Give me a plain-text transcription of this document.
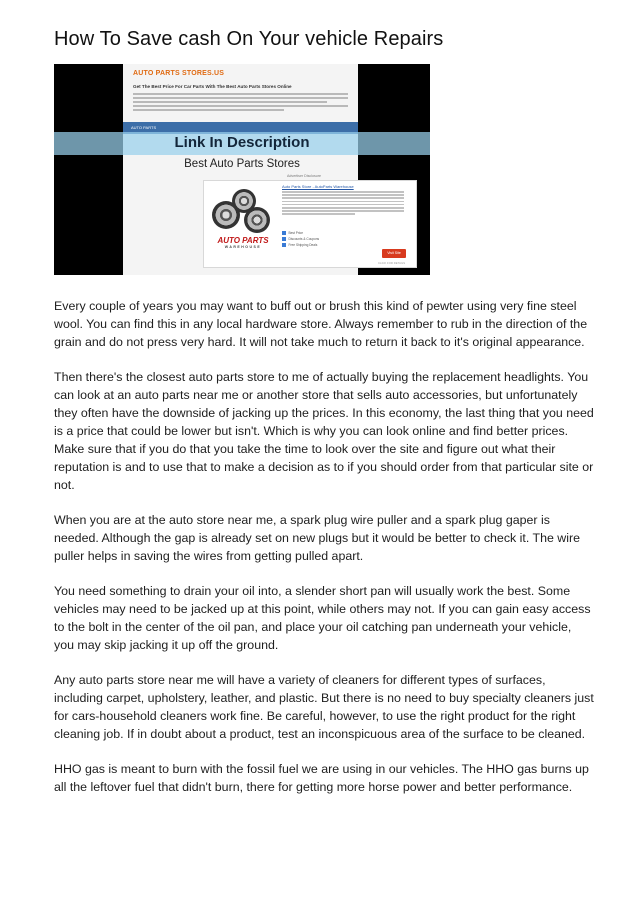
How To Save cash On Your vehicle Repairs
AUTO PARTS STORES.US
Get The Best Price For Car Parts With The Best Auto Parts Stores Online
AUTO PARTS
AUTO PARTS
WAREHOUSE
Auto Parts Store - AutoParts Warehouse
Best Price
Discounts & Coupons
Free Shipping Deals
Visit Site
CLICK FOR DETAILS
Link In Description
Best Auto Parts Stores
Advertiser Disclosure

Every couple of years you may want to buff out or brush this kind of pewter using very fine steel wool. You can find this in any local hardware store. Always remember to rub in the direction of the grain and do not press very hard. It will not take much to return it back to it's original appearance.

Then there's the closest auto parts store to me of actually buying the replacement headlights. You can look at an auto parts near me or another store that sells auto accessories, but unfortunately they often have the downside of jacking up the prices. In this economy, the last thing that you need is a price that could be lower but isn't. Which is why you can look online and find better prices. Make sure that if you do that you take the time to look over the site and figure out what their reputation is and to use that to make a decision as to if you should order from that particular site or not.

When you are at the auto store near me, a spark plug wire puller and a spark plug gaper is needed. Although the gap is already set on new plugs but it would be better to check it. The wire puller helps in saving the wires from getting pulled apart.

You need something to drain your oil into, a slender short pan will usually work the best. Some vehicles may need to be jacked up at this point, while others may not. If you can gain easy access to the bolt in the center of the oil pan, and place your oil catching pan underneath your vehicle, you may skip jacking it up off the ground.

Any auto parts store near me will have a variety of cleaners for different types of surfaces, including carpet, upholstery, leather, and plastic. But there is no need to buy specialty cleaners just for cars-household cleaners work fine. Be careful, however, to use the right product for the right cleaning job. If in doubt about a product, test an inconspicuous area of the surface to be cleaned.

HHO gas is meant to burn with the fossil fuel we are using in our vehicles. The HHO gas burns up all the leftover fuel that didn't burn, there for getting more horse power and better performance.
